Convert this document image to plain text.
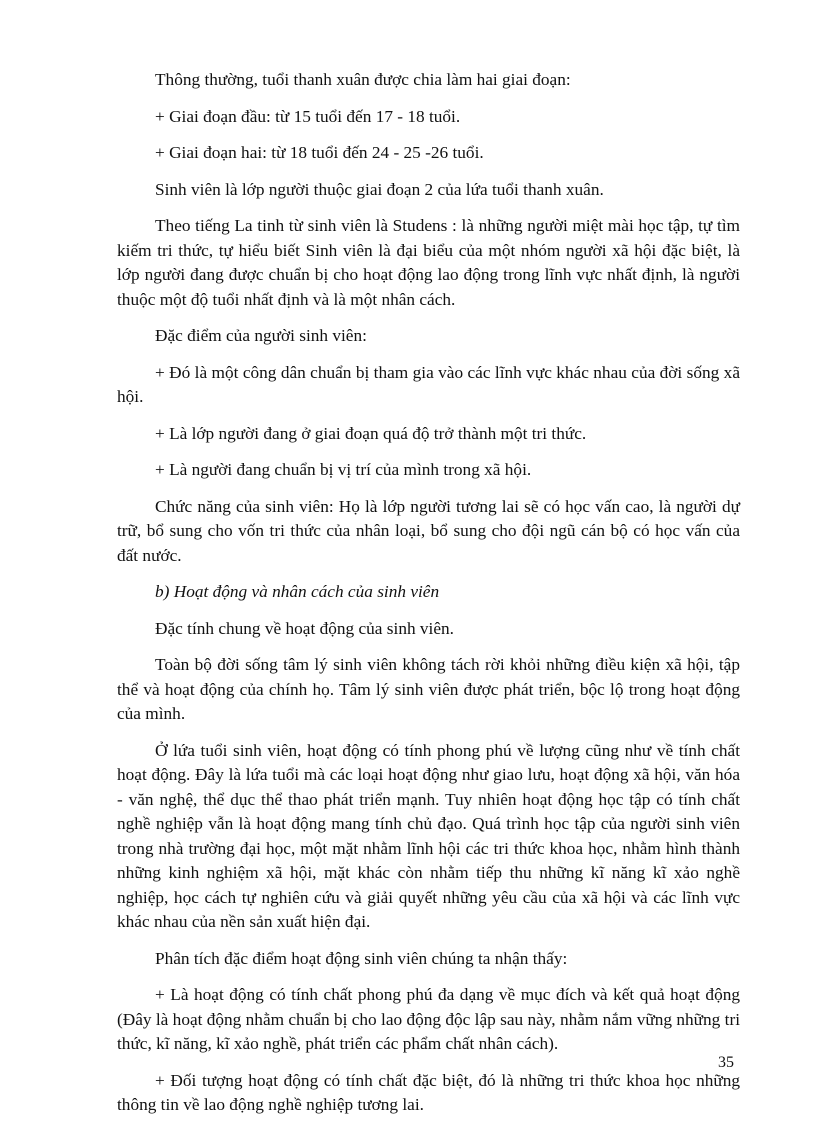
Thông thường, tuổi thanh xuân được chia làm hai giai đoạn:

+ Giai đoạn đầu: từ 15 tuổi đến 17 - 18 tuổi.

+ Giai đoạn hai: từ 18 tuổi đến 24 - 25 -26 tuổi.

Sinh viên là lớp người thuộc giai đoạn 2 của lứa tuổi thanh xuân.

Theo tiếng La tinh từ sinh viên là Studens : là những người miệt mài học tập, tự tìm kiếm tri thức, tự hiểu biết Sinh viên là đại biểu của một nhóm người xã hội đặc biệt, là lớp người đang được chuẩn bị cho hoạt động lao động trong lĩnh vực nhất định, là người thuộc một độ tuổi nhất định và là một nhân cách.

Đặc điểm của người sinh viên:

+ Đó là một công dân chuẩn bị tham gia vào các lĩnh vực khác nhau của đời sống xã hội.

+ Là lớp người đang ở giai đoạn quá độ trở thành một tri thức.

+ Là người đang chuẩn bị vị trí của mình trong xã hội.

Chức năng của sinh viên: Họ là lớp người tương lai sẽ có học vấn cao, là người dự trữ, bổ sung cho vốn tri thức của nhân loại, bổ sung cho đội ngũ cán bộ có học vấn của đất nước.

b) Hoạt động và nhân cách của sinh viên

Đặc tính chung về hoạt động của sinh viên.

Toàn bộ đời sống tâm lý sinh viên không tách rời khỏi những điều kiện xã hội, tập thể và hoạt động của chính họ. Tâm lý sinh viên được phát triển, bộc lộ trong hoạt động của mình.

Ở lứa tuổi sinh viên, hoạt động có tính phong phú về lượng cũng như về tính chất hoạt động. Đây là lứa tuổi mà các loại hoạt động như giao lưu, hoạt động xã hội, văn hóa - văn nghệ, thể dục thể thao phát triển mạnh. Tuy nhiên hoạt động học tập có tính chất nghề nghiệp vẫn là hoạt động mang tính chủ đạo. Quá trình học tập của người sinh viên trong nhà trường đại học, một mặt nhằm lĩnh hội các tri thức khoa học, nhằm hình thành những kinh nghiệm xã hội, mặt khác còn nhằm tiếp thu những kĩ năng kĩ xảo nghề nghiệp, học cách tự nghiên cứu và giải quyết những yêu cầu của xã hội và các lĩnh vực khác nhau của nền sản xuất hiện đại.

Phân tích đặc điểm hoạt động sinh viên chúng ta nhận thấy:

+ Là hoạt động có tính chất phong phú đa dạng về mục đích và kết quả hoạt động (Đây là hoạt động nhằm chuẩn bị cho lao động độc lập sau này, nhằm nắm vững những tri thức, kĩ năng, kĩ xảo nghề, phát triển các phẩm chất nhân cách).

+ Đối tượng hoạt động có tính chất đặc biệt, đó là những tri thức khoa học những thông tin về lao động nghề nghiệp tương lai.

35
